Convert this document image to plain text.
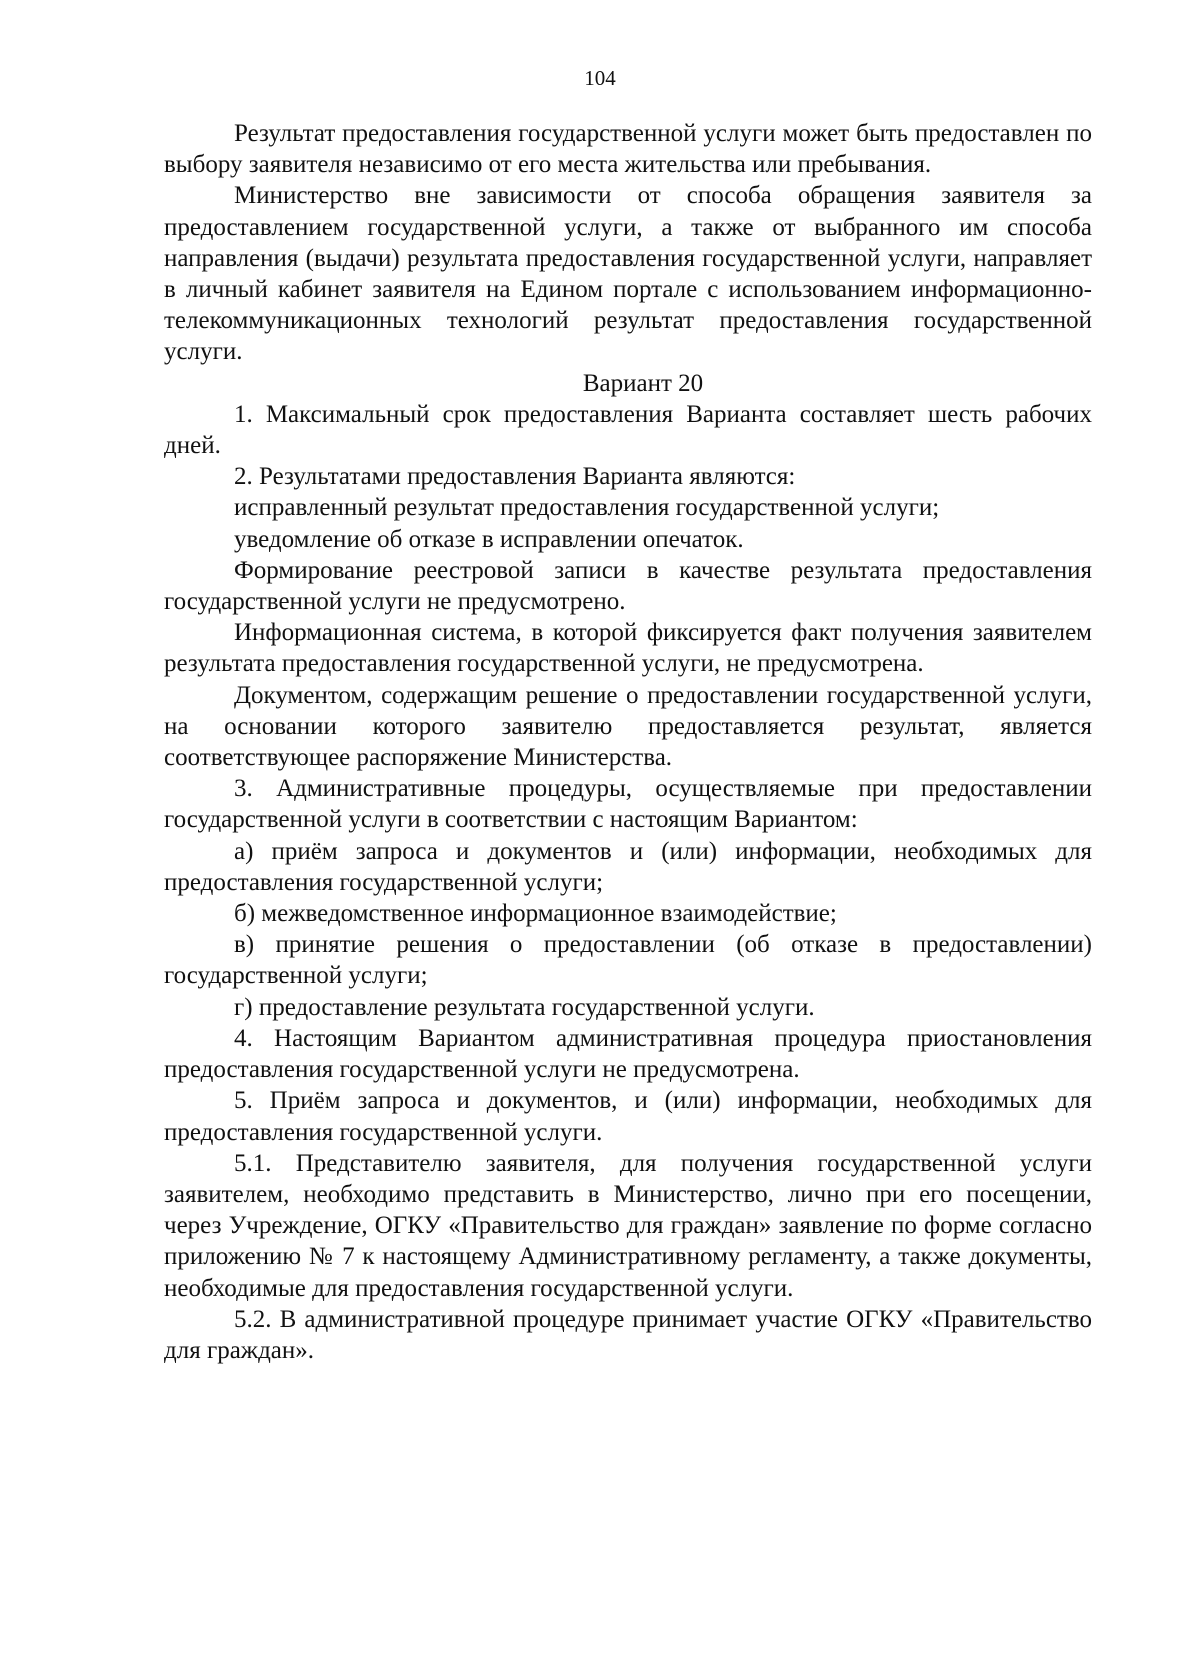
104

Результат предоставления государственной услуги может быть предоставлен по выбору заявителя независимо от его места жительства или пребывания.

Министерство вне зависимости от способа обращения заявителя за предоставлением государственной услуги, а также от выбранного им способа направления (выдачи) результата предоставления государственной услуги, направляет в личный кабинет заявителя на Едином портале с использованием информационно-телекоммуникационных технологий результат предоставления государственной услуги.

Вариант 20

1. Максимальный срок предоставления Варианта составляет шесть рабочих дней.

2. Результатами предоставления Варианта являются:

исправленный результат предоставления государственной услуги;

уведомление об отказе в исправлении опечаток.

Формирование реестровой записи в качестве результата предоставления государственной услуги не предусмотрено.

Информационная система, в которой фиксируется факт получения заявителем результата предоставления государственной услуги, не предусмотрена.

Документом, содержащим решение о предоставлении государственной услуги, на основании которого заявителю предоставляется результат, является соответствующее распоряжение Министерства.

3. Административные процедуры, осуществляемые при предоставлении государственной услуги в соответствии с настоящим Вариантом:

а) приём запроса и документов и (или) информации, необходимых для предоставления государственной услуги;

б) межведомственное информационное взаимодействие;

в) принятие решения о предоставлении (об отказе в предоставлении) государственной услуги;

г) предоставление результата государственной услуги.

4. Настоящим Вариантом административная процедура приостановления предоставления государственной услуги не предусмотрена.

5. Приём запроса и документов, и (или) информации, необходимых для предоставления государственной услуги.

5.1. Представителю заявителя, для получения государственной услуги заявителем, необходимо представить в Министерство, лично при его посещении, через Учреждение, ОГКУ «Правительство для граждан» заявление по форме согласно приложению № 7 к настоящему Административному регламенту, а также документы, необходимые для предоставления государственной услуги.

5.2. В административной процедуре принимает участие ОГКУ «Правительство для граждан».
